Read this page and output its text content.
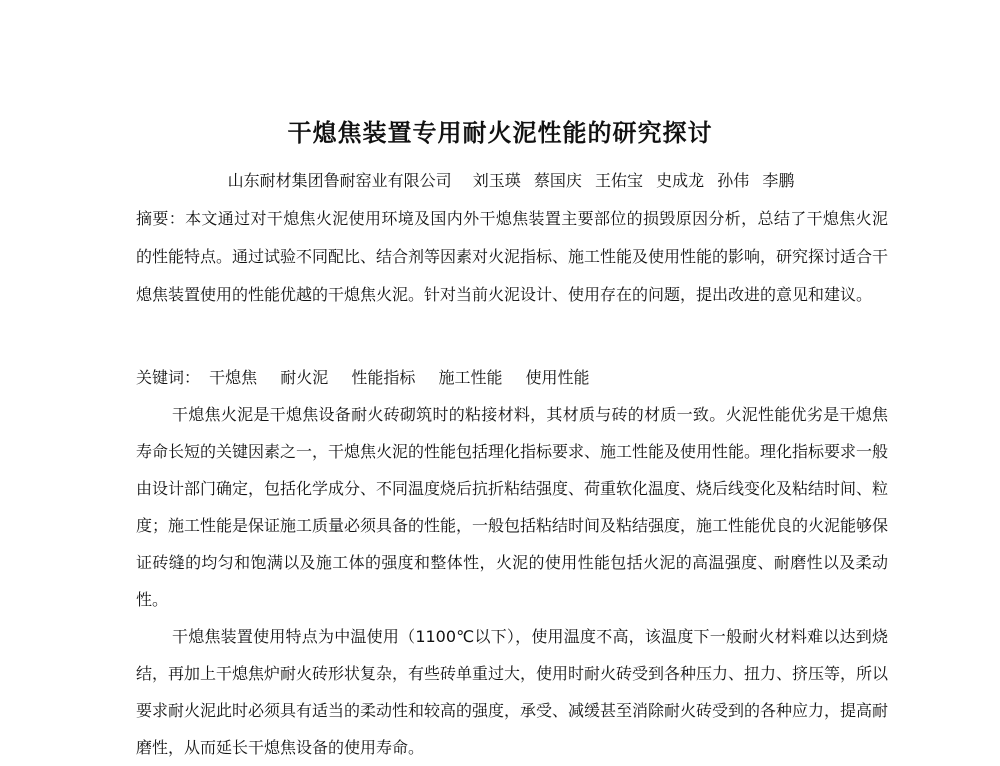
干熄焦装置专用耐火泥性能的研究探讨
山东耐材集团鲁耐窑业有限公司 刘玉瑛 蔡国庆 王佑宝 史成龙 孙伟 李鹏

摘要：本文通过对干熄焦火泥使用环境及国内外干熄焦装置主要部位的损毁原因分析，总结了干熄焦火泥的性能特点。通过试验不同配比、结合剂等因素对火泥指标、施工性能及使用性能的影响，研究探讨适合干熄焦装置使用的性能优越的干熄焦火泥。针对当前火泥设计、使用存在的问题，提出改进的意见和建议。

关键词： 干熄焦 耐火泥 性能指标 施工性能 使用性能

干熄焦火泥是干熄焦设备耐火砖砌筑时的粘接材料，其材质与砖的材质一致。火泥性能优劣是干熄焦寿命长短的关键因素之一，干熄焦火泥的性能包括理化指标要求、施工性能及使用性能。理化指标要求一般由设计部门确定，包括化学成分、不同温度烧后抗折粘结强度、荷重软化温度、烧后线变化及粘结时间、粒度；施工性能是保证施工质量必须具备的性能，一般包括粘结时间及粘结强度，施工性能优良的火泥能够保证砖缝的均匀和饱满以及施工体的强度和整体性，火泥的使用性能包括火泥的高温强度、耐磨性以及柔动性。

干熄焦装置使用特点为中温使用（1100℃以下），使用温度不高，该温度下一般耐火材料难以达到烧结，再加上干熄焦炉耐火砖形状复杂，有些砖单重过大，使用时耐火砖受到各种压力、扭力、挤压等，所以要求耐火泥此时必须具有适当的柔动性和较高的强度，承受、减缓甚至消除耐火砖受到的各种应力，提高耐磨性，从而延长干熄焦设备的使用寿命。
